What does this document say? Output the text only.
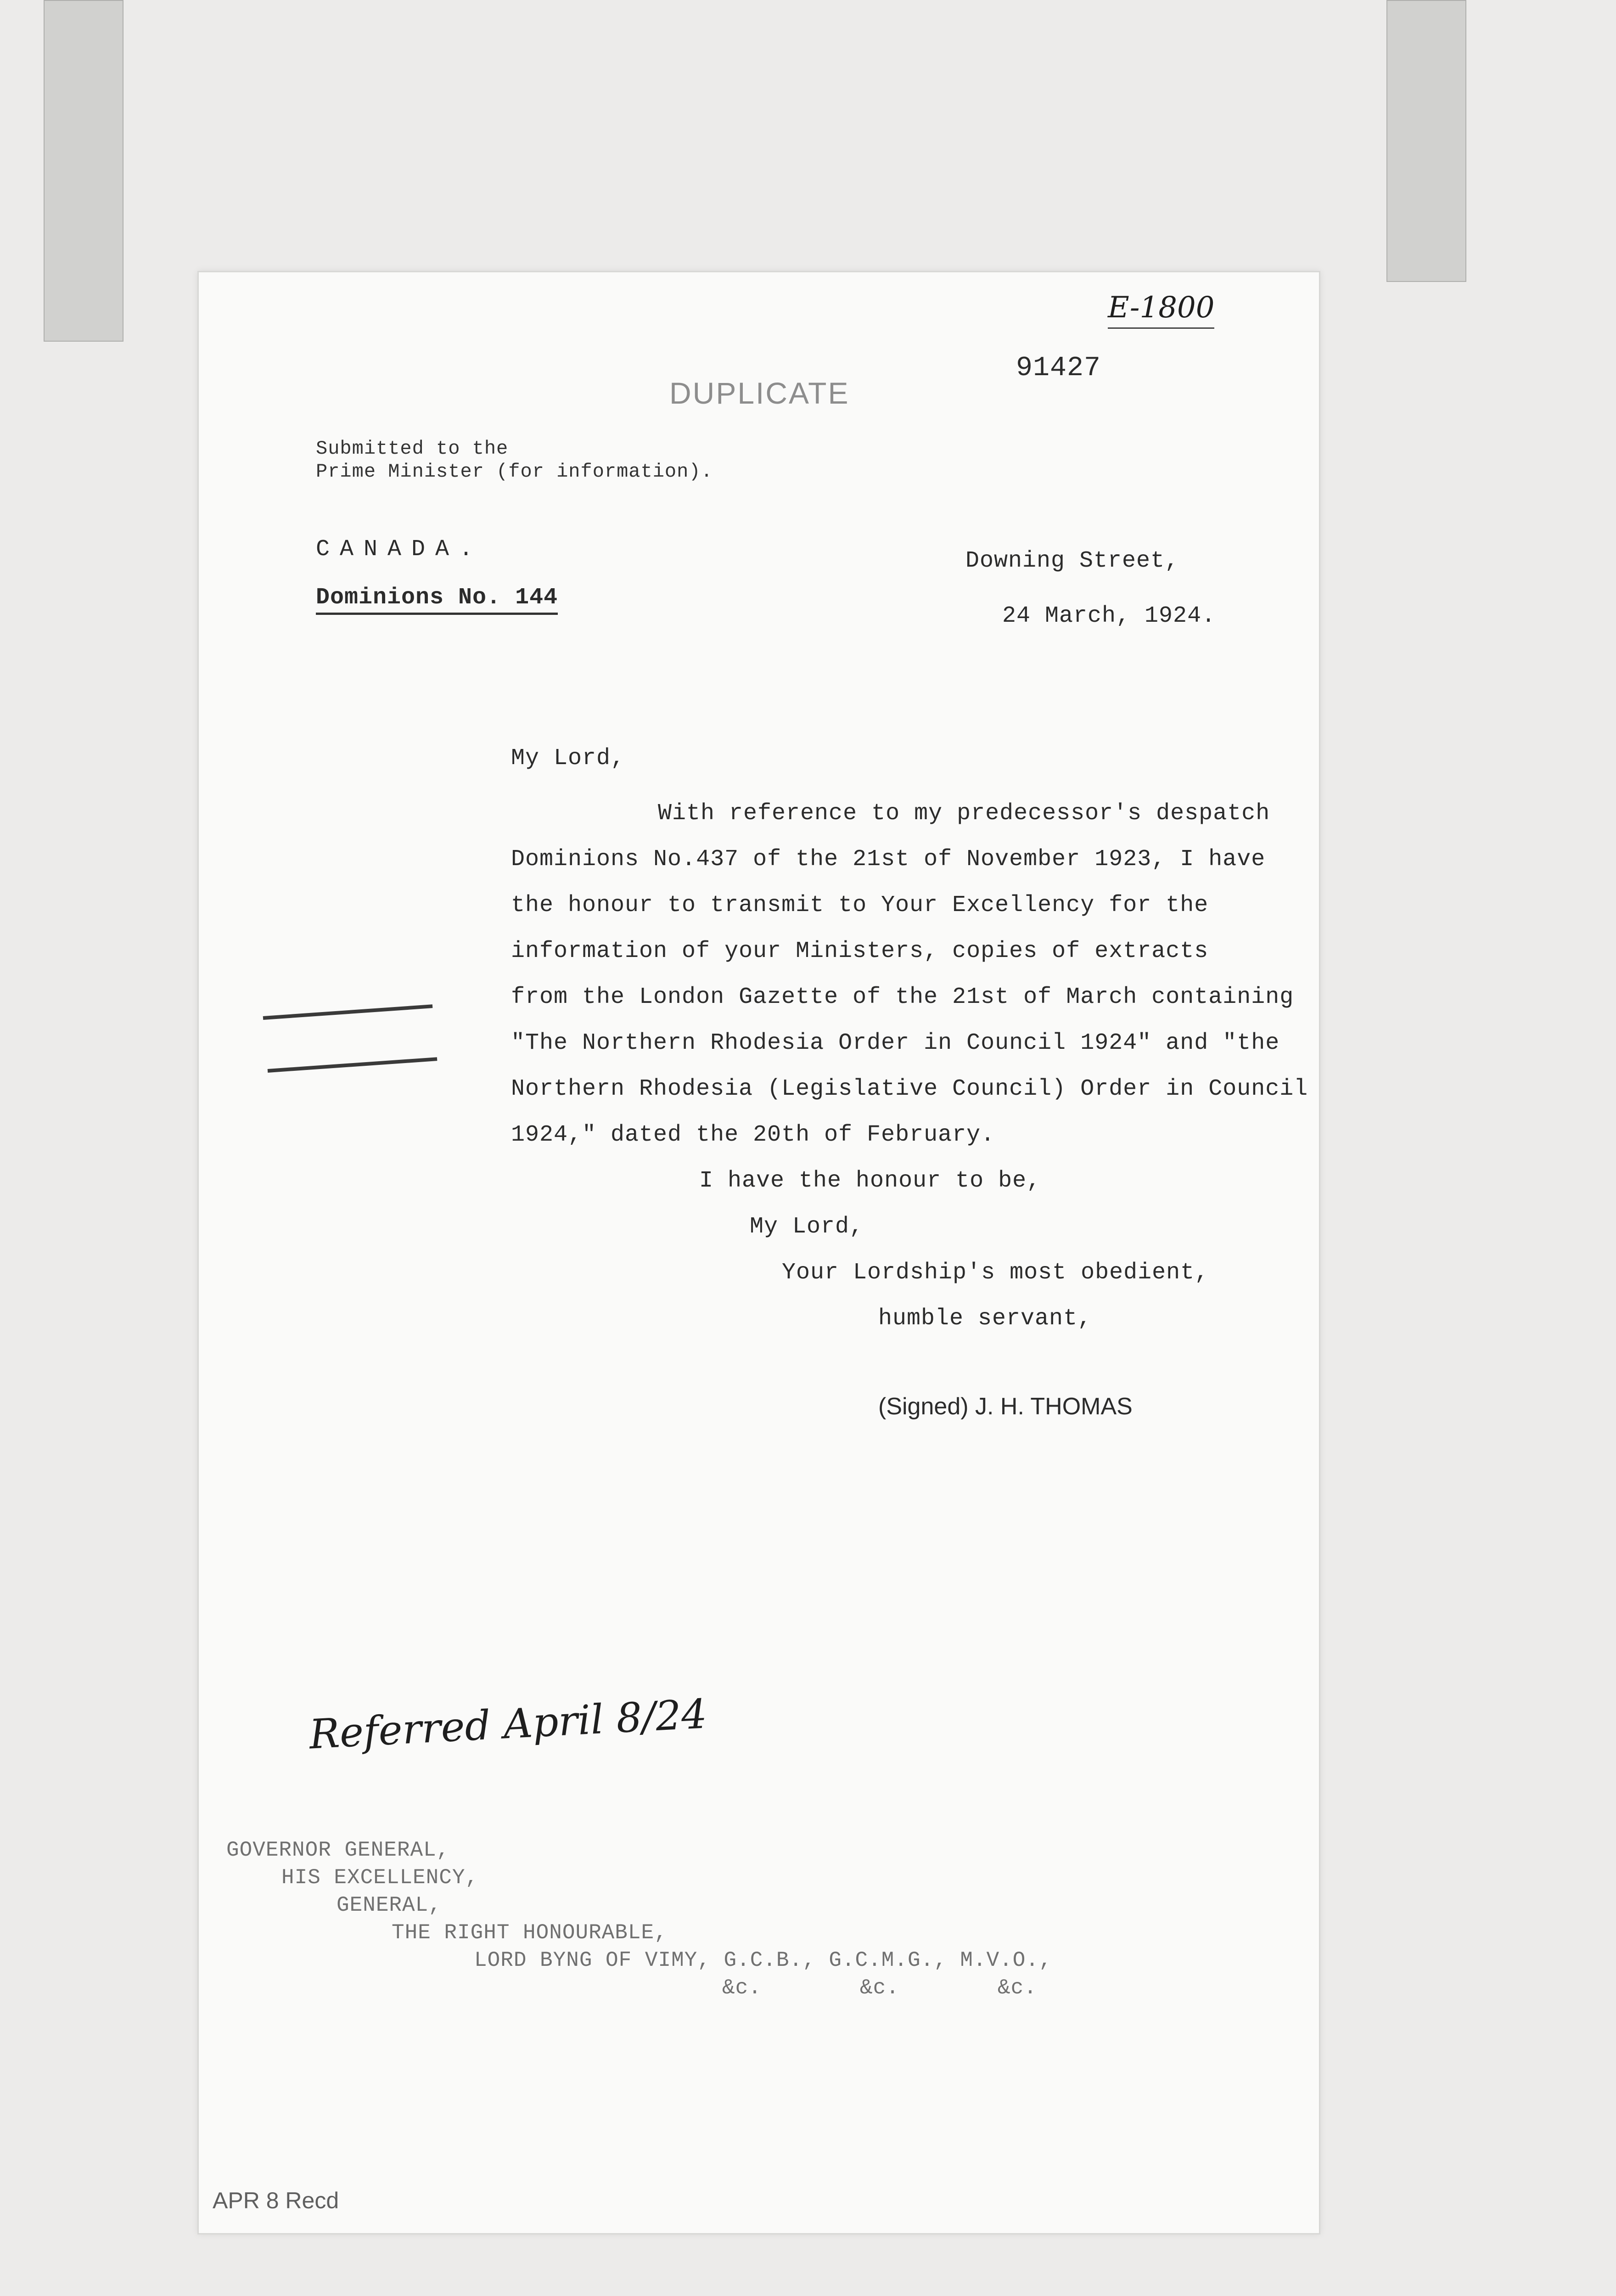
E-1800
91427
DUPLICATE
Submitted to the
Prime Minister (for information).
CANADA.
Dominions No. 144
Downing Street,
24 March, 1924.
My Lord,
With reference to my predecessor's despatch
Dominions No.437 of the 21st of November 1923, I have
the honour to transmit to Your Excellency for the
information of your Ministers, copies of extracts
from the London Gazette of the 21st of March containing
"The Northern Rhodesia Order in Council 1924" and "the
Northern Rhodesia (Legislative Council) Order in Council
1924," dated the 20th of February.
I have the honour to be,
My Lord,
Your Lordship's most obedient,
humble servant,
(Signed) J. H. THOMAS
Referred April 8/24
GOVERNOR GENERAL,
HIS EXCELLENCY,
GENERAL,
THE RIGHT HONOURABLE,
LORD BYNG OF VIMY, G.C.B., G.C.M.G., M.V.O.,
&c.	&c.	&c.
APR 8 Recd
